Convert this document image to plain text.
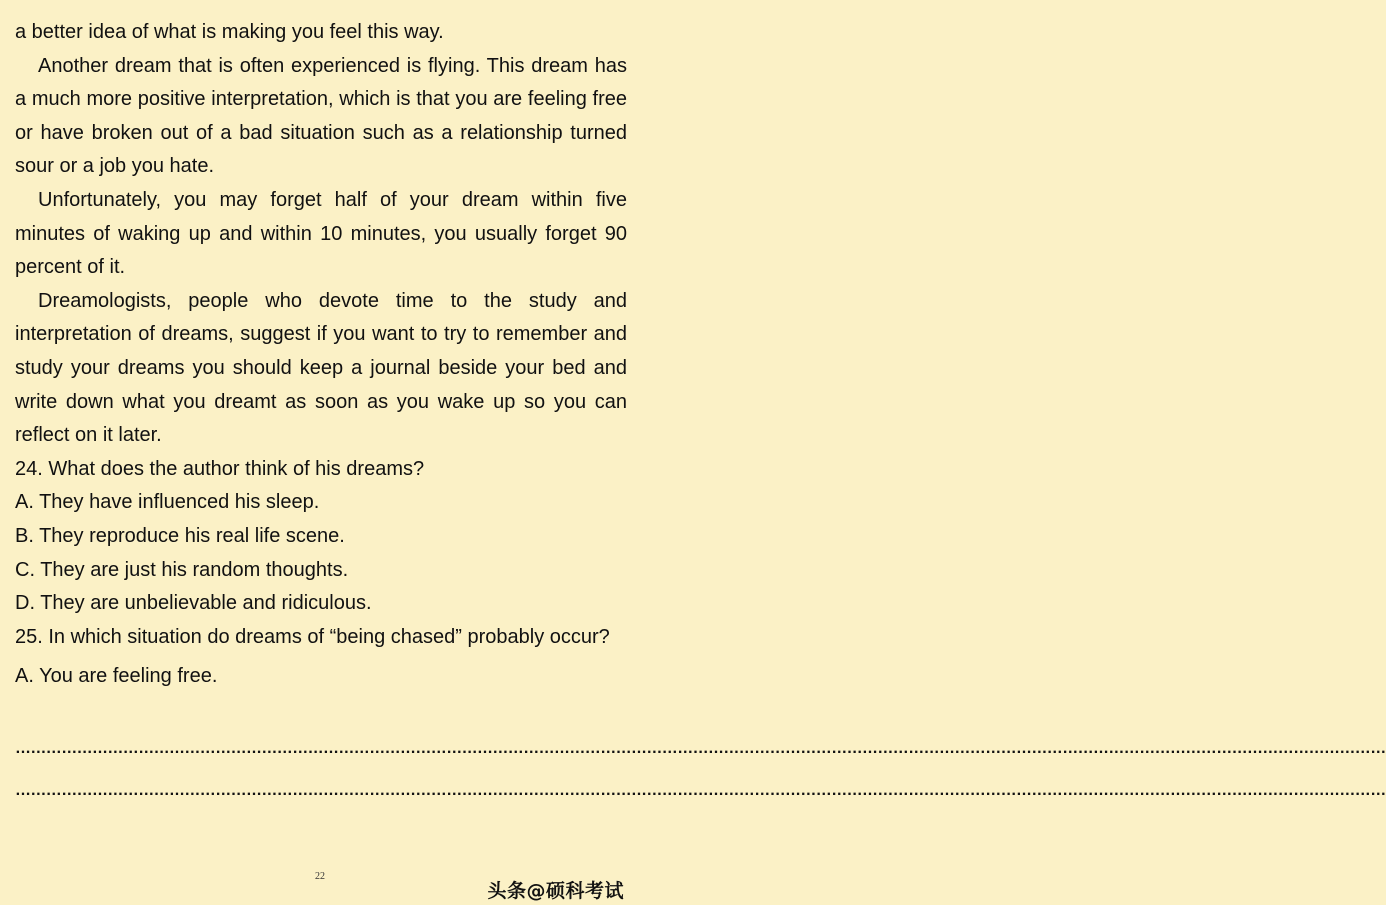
a better idea of what is making you feel this way.

Another dream that is often experienced is flying. This dream has a much more positive interpretation, which is that you are feeling free or have broken out of a bad situation such as a relationship turned sour or a job you hate.

Unfortunately, you may forget half of your dream within five minutes of waking up and within 10 minutes, you usually forget 90 percent of it.

Dreamologists, people who devote time to the study and interpretation of dreams, suggest if you want to try to remember and study your dreams you should keep a journal beside your bed and write down what you dreamt as soon as you wake up so you can reflect on it later.

24. What does the author think of his dreams?

A. They have influenced his sleep.

B. They reproduce his real life scene.

C. They are just his random thoughts.

D. They are unbelievable and ridiculous.

25. In which situation do dreams of “being chased” probably occur?

A. You are feeling free.

……………………………………………………………………………………………………………………………………………………………………………………………………………………………………………
……………………………………………………………………………………………………………………………………………………………………………………………………………………………………………
22
头条@硕科考试
